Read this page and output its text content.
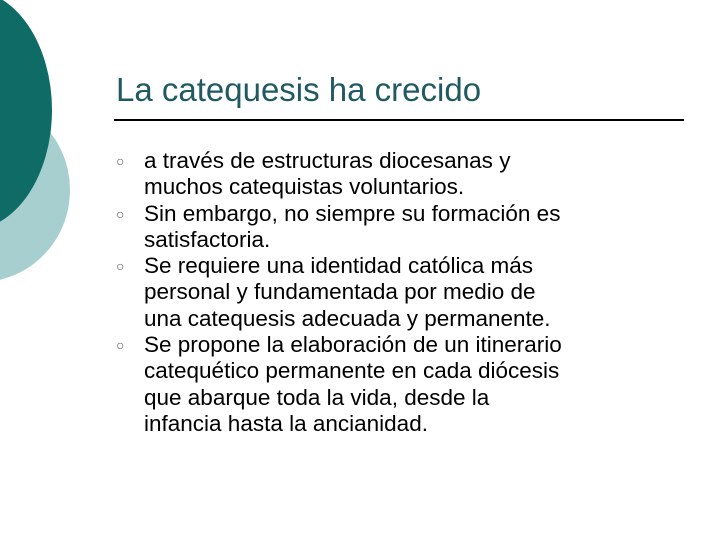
La catequesis ha crecido
○ a través de estructuras diocesanas y
muchos catequistas voluntarios.
○ Sin embargo, no siempre su formación es
satisfactoria.
○ Se requiere una identidad católica más
personal y fundamentada por medio de
una catequesis adecuada y permanente.
○ Se propone la elaboración de un itinerario
catequético permanente en cada diócesis
que abarque toda la vida, desde la
infancia hasta la ancianidad.
